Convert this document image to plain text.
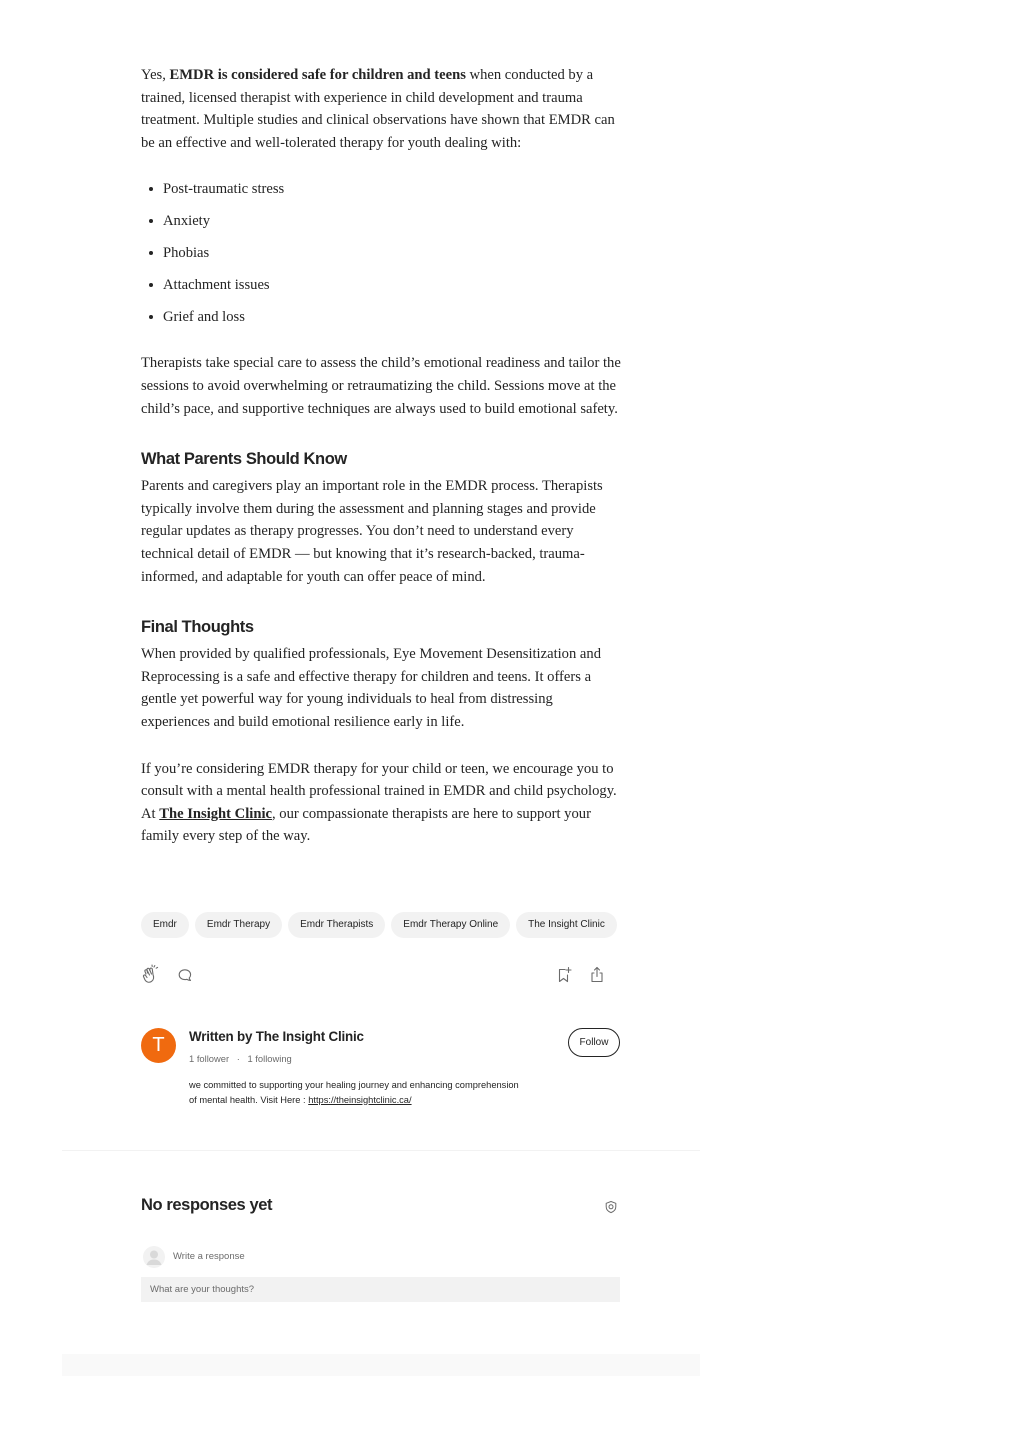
Yes, EMDR is considered safe for children and teens when conducted by a trained, licensed therapist with experience in child development and trauma treatment. Multiple studies and clinical observations have shown that EMDR can be an effective and well-tolerated therapy for youth dealing with:

Post-traumatic stress
Anxiety
Phobias
Attachment issues
Grief and loss

Therapists take special care to assess the child’s emotional readiness and tailor the sessions to avoid overwhelming or retraumatizing the child. Sessions move at the child’s pace, and supportive techniques are always used to build emotional safety.

What Parents Should Know

Parents and caregivers play an important role in the EMDR process. Therapists typically involve them during the assessment and planning stages and provide regular updates as therapy progresses. You don’t need to understand every technical detail of EMDR — but knowing that it’s research-backed, trauma-informed, and adaptable for youth can offer peace of mind.

Final Thoughts

When provided by qualified professionals, Eye Movement Desensitization and Reprocessing is a safe and effective therapy for children and teens. It offers a gentle yet powerful way for young individuals to heal from distressing experiences and build emotional resilience early in life.

If you’re considering EMDR therapy for your child or teen, we encourage you to consult with a mental health professional trained in EMDR and child psychology. At The Insight Clinic, our compassionate therapists are here to support your family every step of the way.

Emdr	Emdr Therapy	Emdr Therapists	Emdr Therapy Online	The Insight Clinic
T	Written by The Insight Clinic
1 follower · 1 following
we committed to supporting your healing journey and enhancing comprehension of mental health. Visit Here : https://theinsightclinic.ca/
Follow
No responses yet
Write a response
What are your thoughts?
